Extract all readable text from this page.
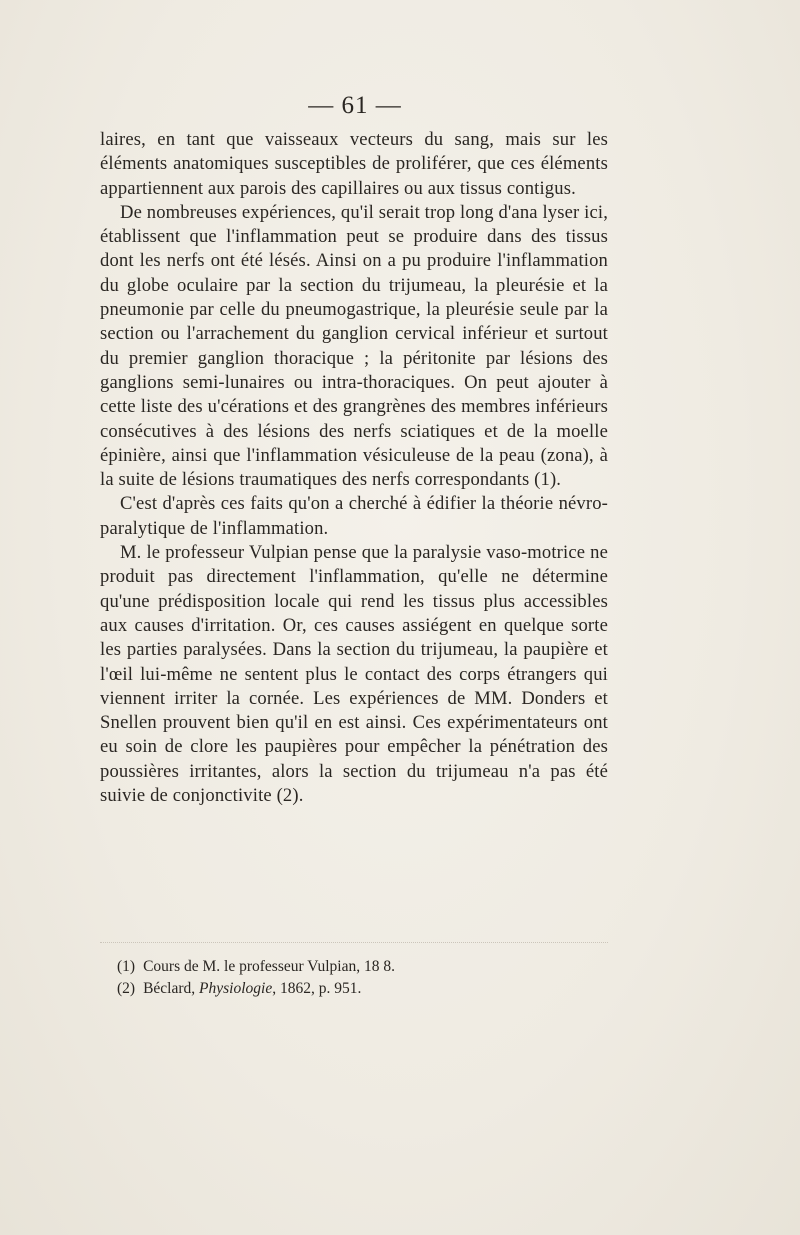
— 61 —

laires, en tant que vaisseaux vecteurs du sang, mais sur les éléments anatomiques susceptibles de proliférer, que ces éléments appartiennent aux parois des capillaires ou aux tissus contigus.

De nombreuses expériences, qu'il serait trop long d'ana lyser ici, établissent que l'inflammation peut se produire dans des tissus dont les nerfs ont été lésés. Ainsi on a pu produire l'inflammation du globe oculaire par la section du trijumeau, la pleurésie et la pneumonie par celle du pneumogastrique, la pleurésie seule par la section ou l'arrachement du ganglion cervical inférieur et surtout du premier ganglion thoracique ; la péritonite par lésions des ganglions semi-lunaires ou intra-thoraciques. On peut ajouter à cette liste des u'cérations et des grangrènes des membres inférieurs consécutives à des lésions des nerfs sciatiques et de la moelle épinière, ainsi que l'inflammation vésiculeuse de la peau (zona), à la suite de lésions traumatiques des nerfs correspondants (1).

C'est d'après ces faits qu'on a cherché à édifier la théorie névro-paralytique de l'inflammation.

M. le professeur Vulpian pense que la paralysie vaso-motrice ne produit pas directement l'inflammation, qu'elle ne détermine qu'une prédisposition locale qui rend les tissus plus accessibles aux causes d'irritation. Or, ces causes assiégent en quelque sorte les parties paralysées. Dans la section du trijumeau, la paupière et l'œil lui-même ne sentent plus le contact des corps étrangers qui viennent irriter la cornée. Les expériences de MM. Donders et Snellen prouvent bien qu'il en est ainsi. Ces expérimentateurs ont eu soin de clore les paupières pour empêcher la pénétration des poussières irritantes, alors la section du trijumeau n'a pas été suivie de conjonctivite (2).

(1) Cours de M. le professeur Vulpian, 18 8.

(2) Béclard, Physiologie, 1862, p. 951.
